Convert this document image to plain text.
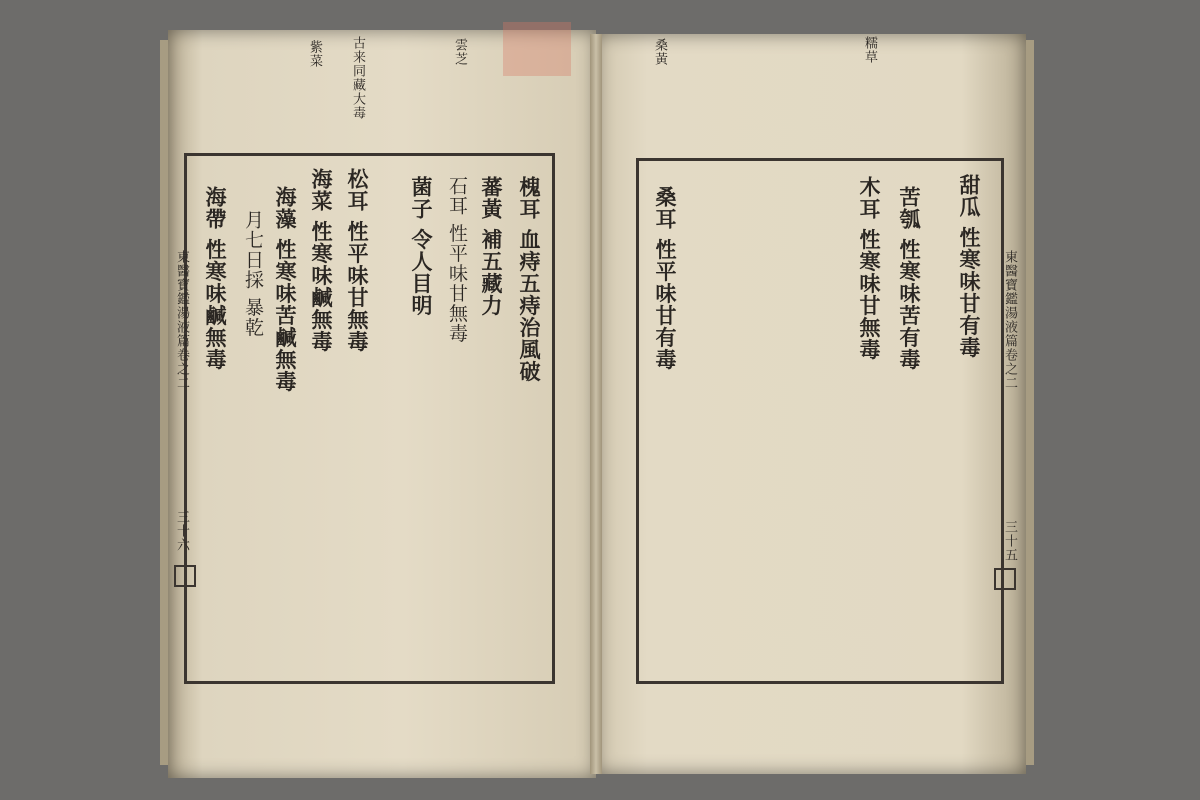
紫菜 古来同藏大毒	雲芝
槐耳 血痔五痔治風破
蕃黃 補五藏力
石耳 性平味甘無毒
菌子 令人目明
松耳 性平味甘無毒
海菜 性寒味鹹無毒
海藻 性寒味苦鹹無毒
海帶 性寒味鹹無毒 月七日採 暴乾
東醫寶鑑湯液篇卷之二
三十六
桑黃	糯草
甜瓜 性寒味甘有毒
苦瓠 性寒味苦有毒
木耳 性寒味甘無毒
桑耳 性平味甘有毒	東醫寶鑑湯液篇卷之二
三十五
